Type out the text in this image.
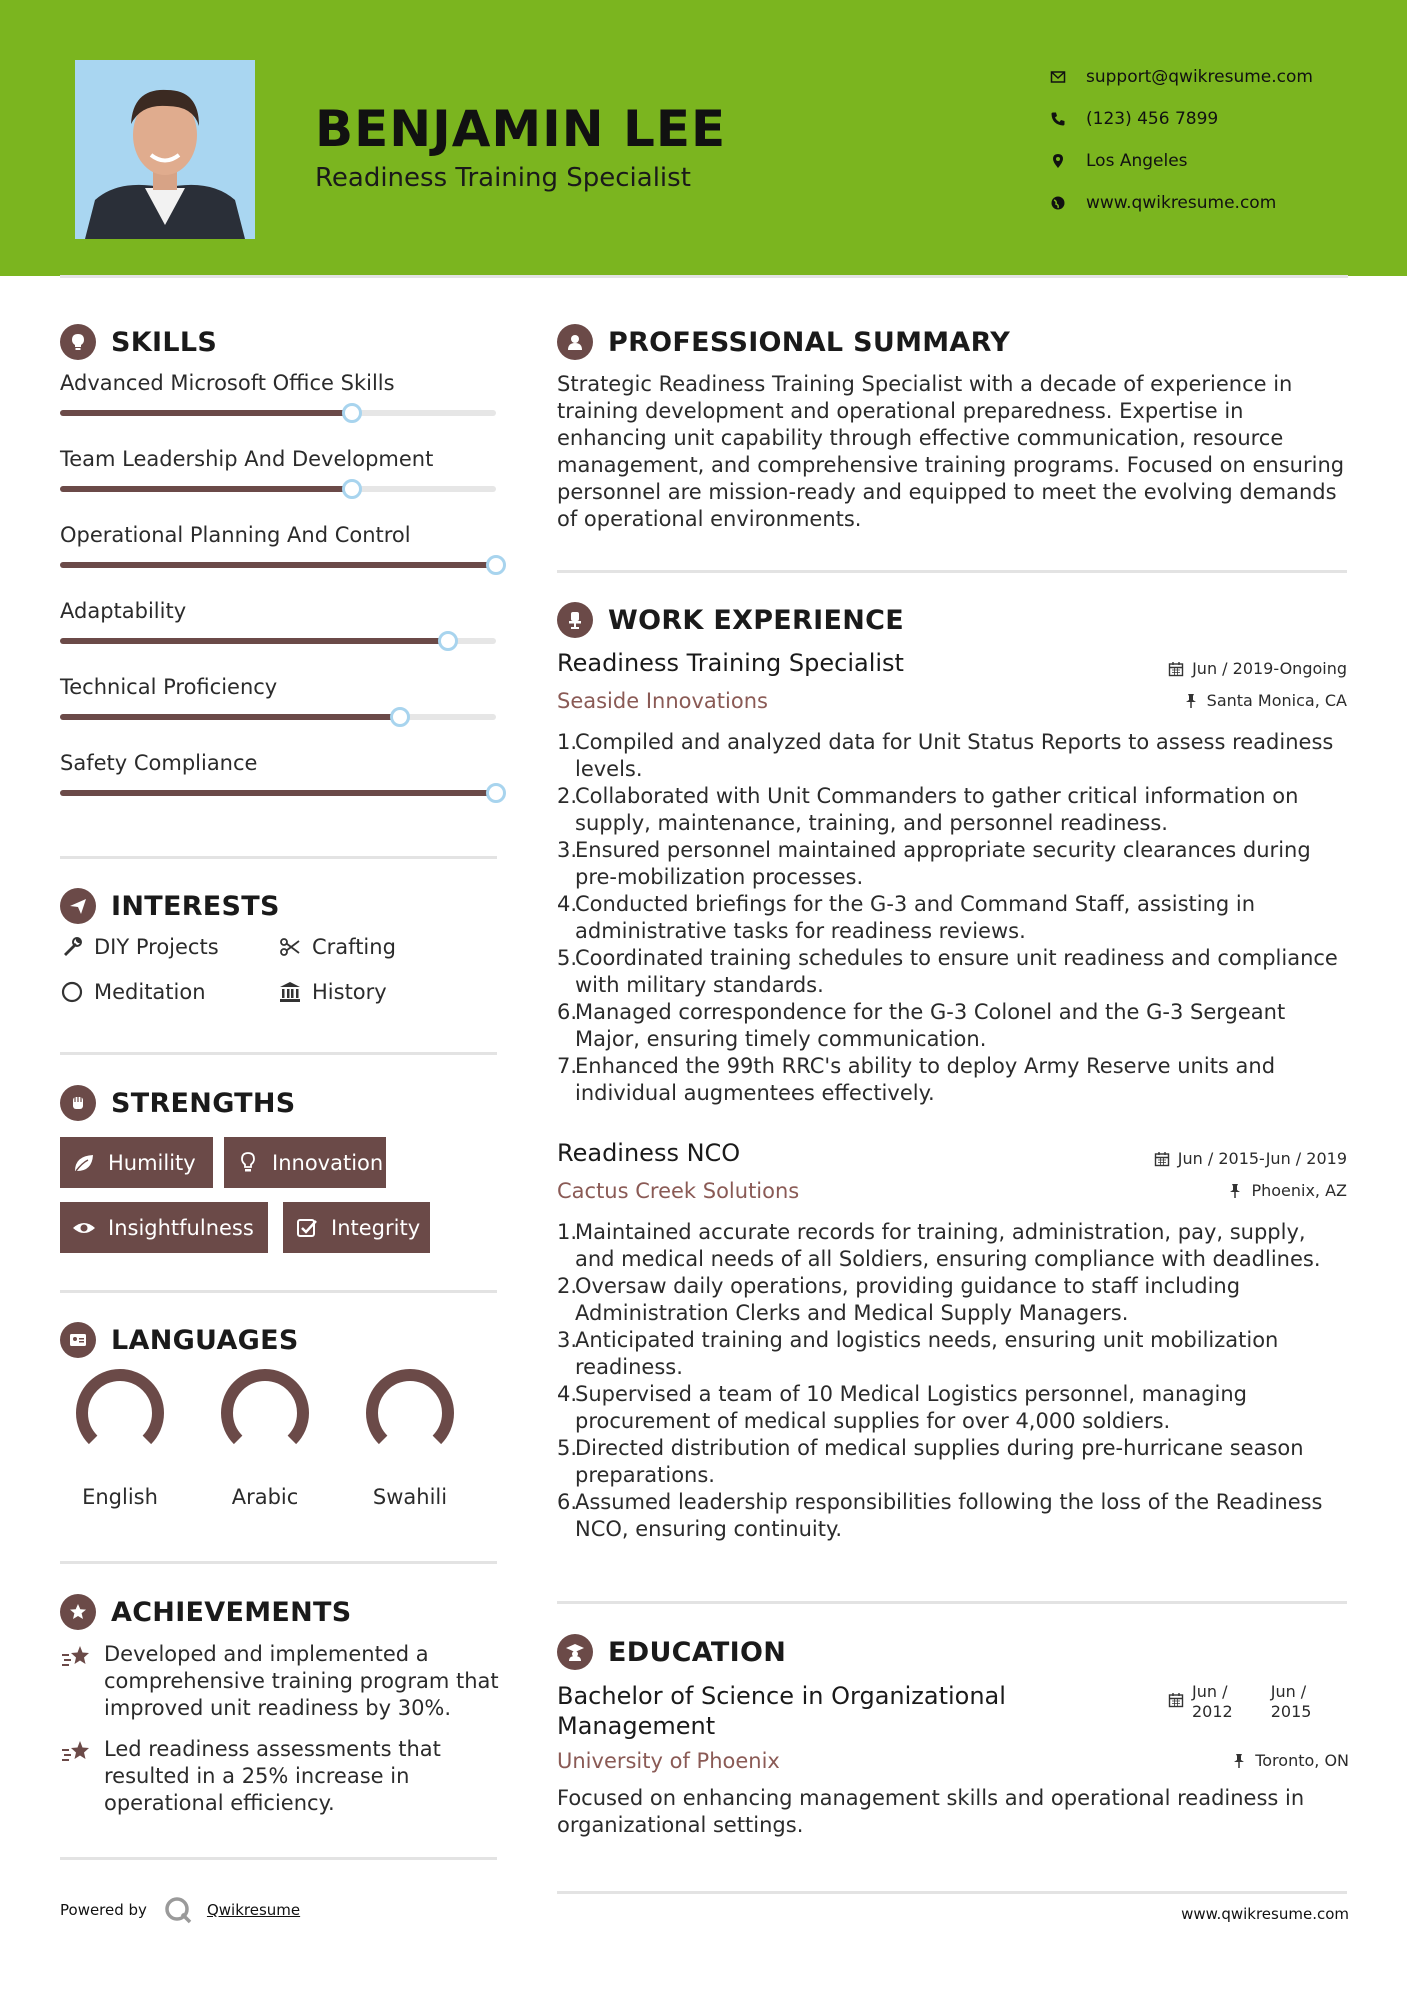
BENJAMIN LEE
Readiness Training Specialist
support@qwikresume.com
(123) 456 7899
Los Angeles
www.qwikresume.com
SKILLS
Advanced Microsoft Office Skills
Team Leadership And Development
Operational Planning And Control
Adaptability
Technical Proficiency
Safety Compliance
INTERESTS
DIY Projects	Crafting
Meditation	History
STRENGTHS
Humility	Innovation
Insightfulness	Integrity
LANGUAGES
English	Arabic	Swahili
ACHIEVEMENTS
Developed and implemented a comprehensive training program that improved unit readiness by 30%.
Led readiness assessments that resulted in a 25% increase in operational efficiency.
Powered by	Qwikresume
PROFESSIONAL SUMMARY
Strategic Readiness Training Specialist with a decade of experience in training development and operational preparedness. Expertise in enhancing unit capability through effective communication, resource management, and comprehensive training programs. Focused on ensuring personnel are mission-ready and equipped to meet the evolving demands of operational environments.
WORK EXPERIENCE
Readiness Training Specialist
Seaside Innovations
Jun / 2019-Ongoing
Santa Monica, CA
1.
Compiled and analyzed data for Unit Status Reports to assess readiness levels.
2.
Collaborated with Unit Commanders to gather critical information on supply, maintenance, training, and personnel readiness.
3.
Ensured personnel maintained appropriate security clearances during pre-mobilization processes.
4.
Conducted briefings for the G-3 and Command Staff, assisting in administrative tasks for readiness reviews.
5.
Coordinated training schedules to ensure unit readiness and compliance with military standards.
6.
Managed correspondence for the G-3 Colonel and the G-3 Sergeant Major, ensuring timely communication.
7.
Enhanced the 99th RRC's ability to deploy Army Reserve units and individual augmentees effectively.
Readiness NCO
Cactus Creek Solutions
Jun / 2015-Jun / 2019
Phoenix, AZ
1.
Maintained accurate records for training, administration, pay, supply, and medical needs of all Soldiers, ensuring compliance with deadlines.
2.
Oversaw daily operations, providing guidance to staff including Administration Clerks and Medical Supply Managers.
3.
Anticipated training and logistics needs, ensuring unit mobilization readiness.
4.
Supervised a team of 10 Medical Logistics personnel, managing procurement of medical supplies for over 4,000 soldiers.
5.
Directed distribution of medical supplies during pre-hurricane season preparations.
6.
Assumed leadership responsibilities following the loss of the Readiness NCO, ensuring continuity.
EDUCATION
Bachelor of Science in Organizational Management
University of Phoenix
Jun /
2012
Jun /
2015
Toronto, ON
Focused on enhancing management skills and operational readiness in organizational settings.
www.qwikresume.com
